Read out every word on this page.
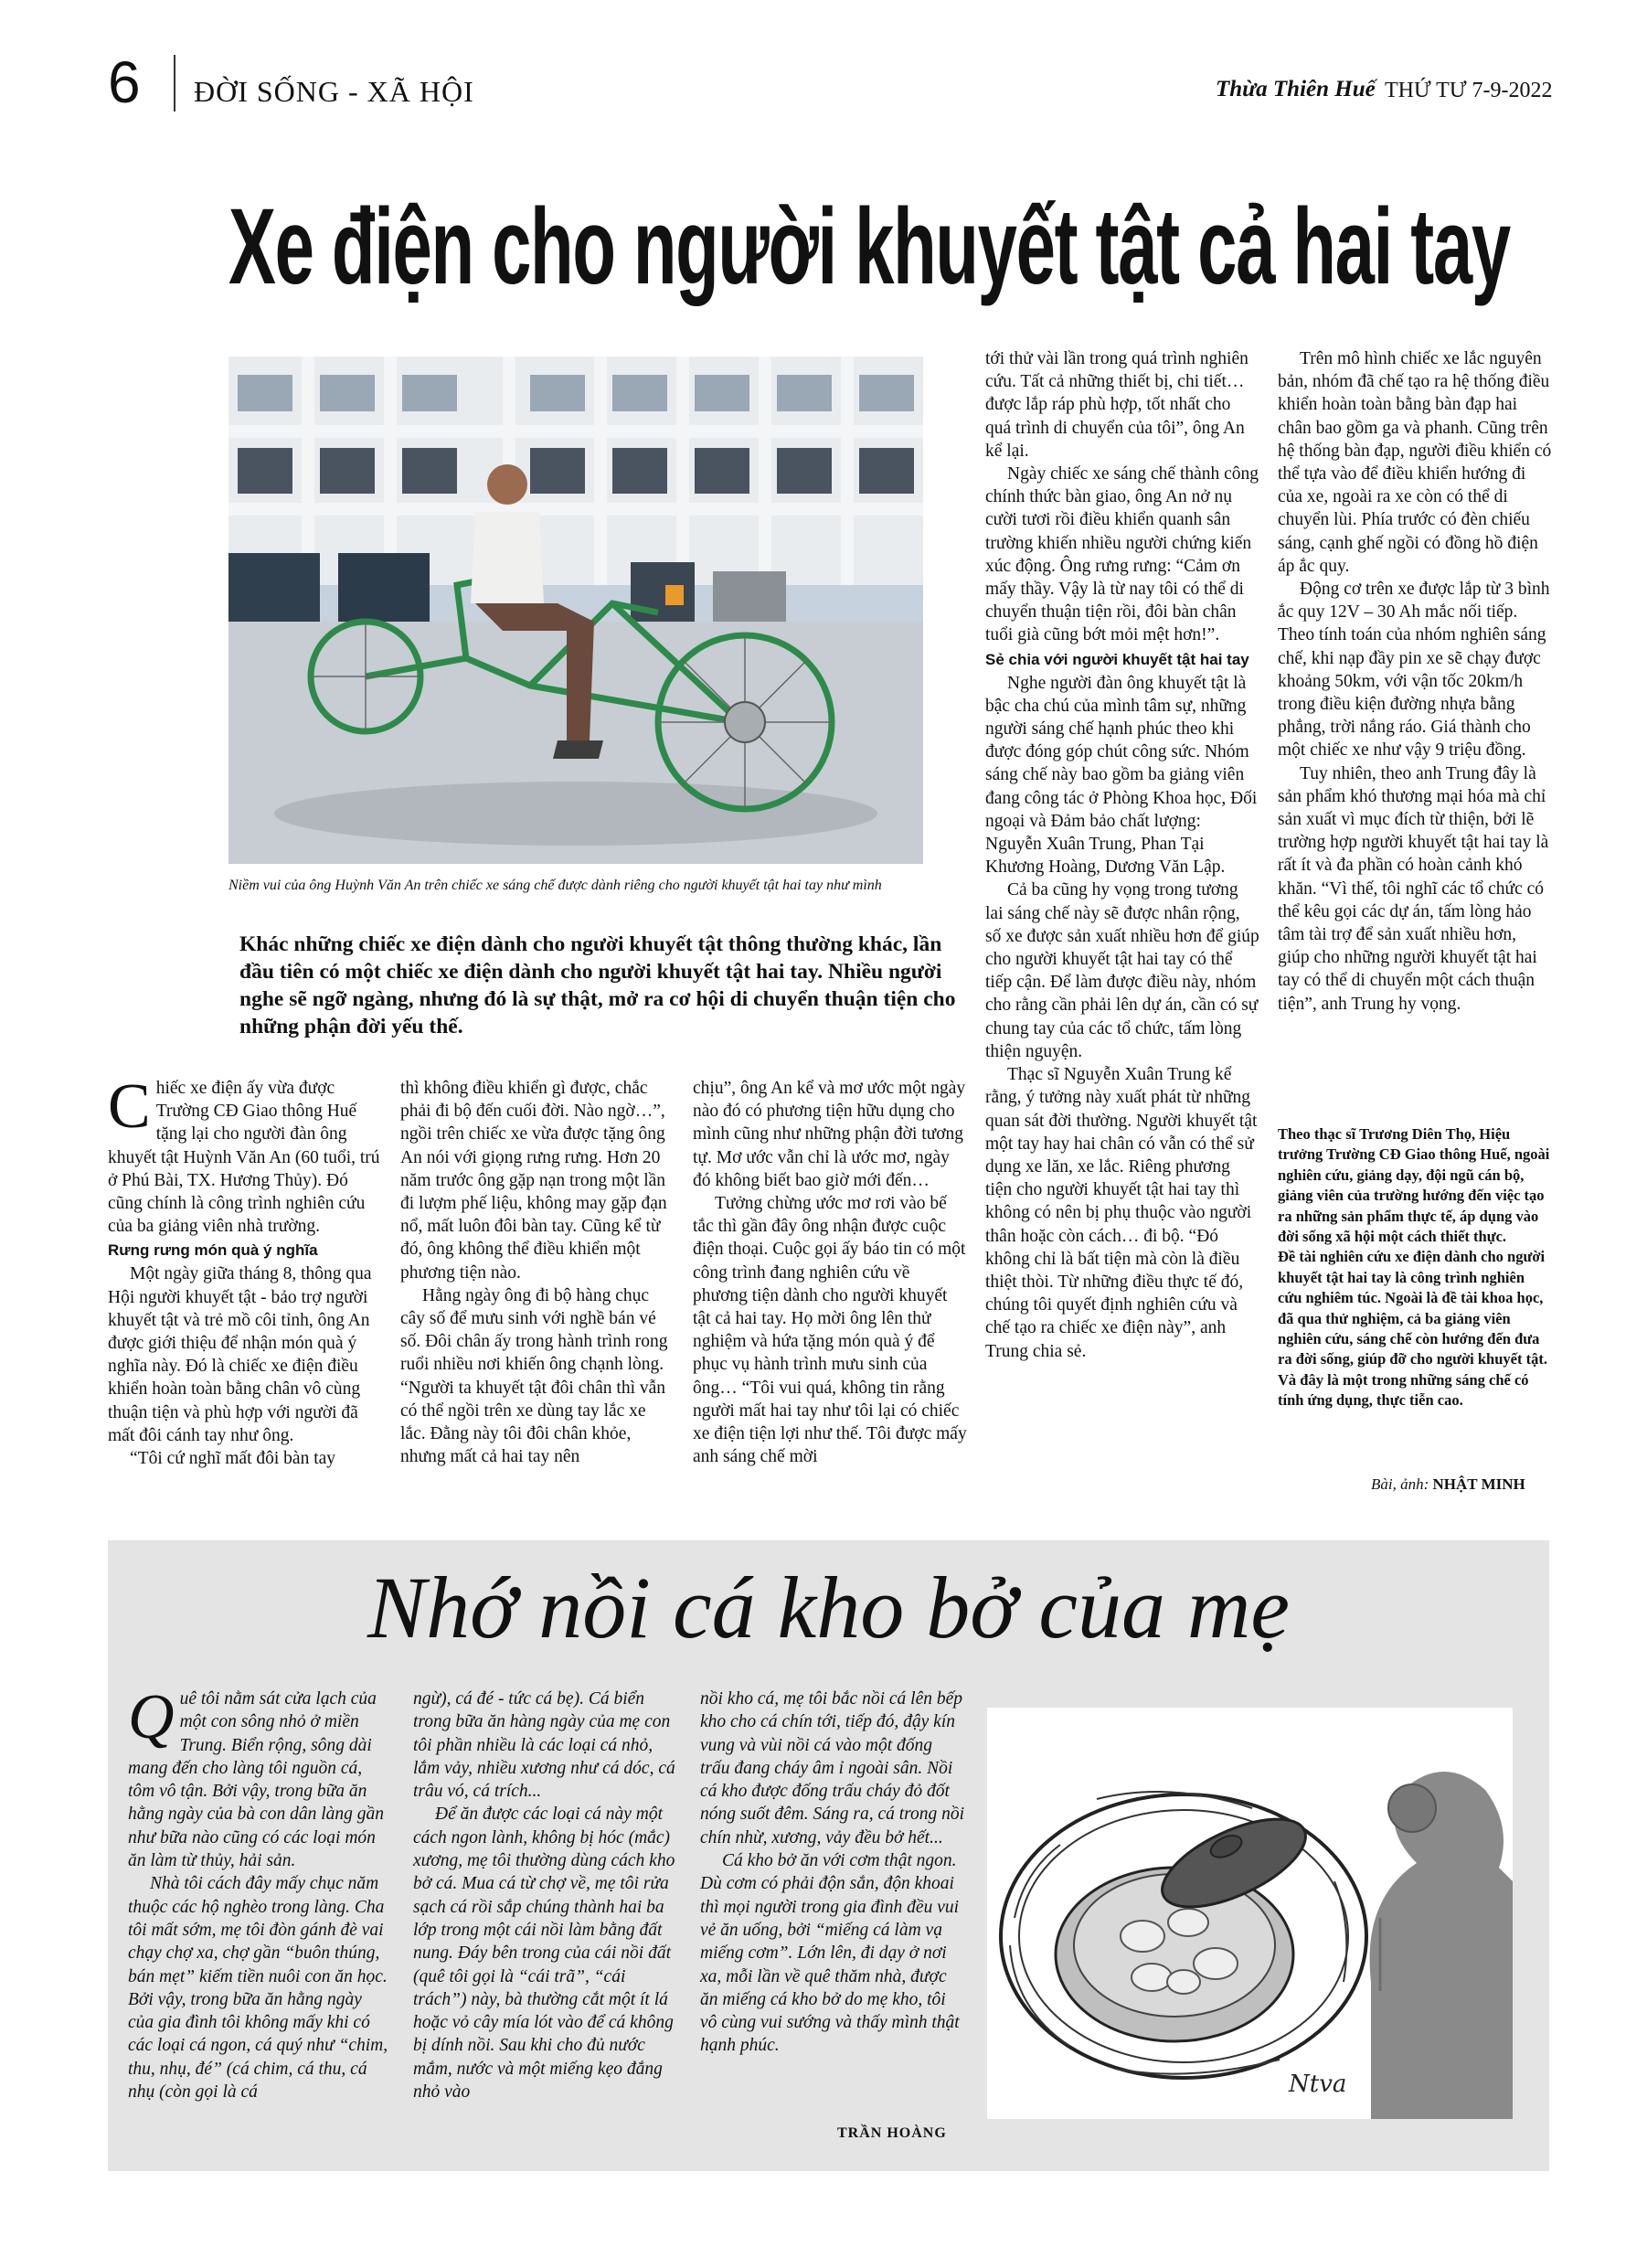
6 ĐỜI SỐNG - XÃ HỘI	Thừa Thiên Huế THỨ TƯ 7-9-2022
Xe điện cho người khuyết tật cả hai tay
Niềm vui của ông Huỳnh Văn An trên chiếc xe sáng chế được dành riêng cho người khuyết tật hai tay như mình
Khác những chiếc xe điện dành cho người khuyết tật thông thường khác, lần đầu tiên có một chiếc xe điện dành cho người khuyết tật hai tay. Nhiều người nghe sẽ ngỡ ngàng, nhưng đó là sự thật, mở ra cơ hội di chuyển thuận tiện cho những phận đời yếu thế.

Chiếc xe điện ấy vừa được Trường CĐ Giao thông Huế tặng lại cho người đàn ông khuyết tật Huỳnh Văn An (60 tuổi, trú ở Phú Bài, TX. Hương Thủy). Đó cũng chính là công trình nghiên cứu của ba giảng viên nhà trường.

Rưng rưng món quà ý nghĩa

Một ngày giữa tháng 8, thông qua Hội người khuyết tật - bảo trợ người khuyết tật và trẻ mồ côi tỉnh, ông An được giới thiệu để nhận món quà ý nghĩa này. Đó là chiếc xe điện điều khiển hoàn toàn bằng chân vô cùng thuận tiện và phù hợp với người đã mất đôi cánh tay như ông.

“Tôi cứ nghĩ mất đôi bàn tay

thì không điều khiển gì được, chắc phải đi bộ đến cuối đời. Nào ngờ…”, ngồi trên chiếc xe vừa được tặng ông An nói với giọng rưng rưng. Hơn 20 năm trước ông gặp nạn trong một lần đi lượm phế liệu, không may gặp đạn nổ, mất luôn đôi bàn tay. Cũng kể từ đó, ông không thể điều khiển một phương tiện nào.

Hằng ngày ông đi bộ hàng chục cây số để mưu sinh với nghề bán vé số. Đôi chân ấy trong hành trình rong ruổi nhiều nơi khiến ông chạnh lòng. “Người ta khuyết tật đôi chân thì vẫn có thể ngồi trên xe dùng tay lắc xe lắc. Đằng này tôi đôi chân khỏe, nhưng mất cả hai tay nên

chịu”, ông An kể và mơ ước một ngày nào đó có phương tiện hữu dụng cho mình cũng như những phận đời tương tự. Mơ ước vẫn chỉ là ước mơ, ngày đó không biết bao giờ mới đến…

Tưởng chừng ước mơ rơi vào bế tắc thì gần đây ông nhận được cuộc điện thoại. Cuộc gọi ấy báo tin có một công trình đang nghiên cứu về phương tiện dành cho người khuyết tật cả hai tay. Họ mời ông lên thử nghiệm và hứa tặng món quà ý để phục vụ hành trình mưu sinh của ông… “Tôi vui quá, không tin rằng người mất hai tay như tôi lại có chiếc xe điện tiện lợi như thế. Tôi được mấy anh sáng chế mời

tới thử vài lần trong quá trình nghiên cứu. Tất cả những thiết bị, chi tiết… được lắp ráp phù hợp, tốt nhất cho quá trình di chuyển của tôi”, ông An kể lại.

Ngày chiếc xe sáng chế thành công chính thức bàn giao, ông An nở nụ cười tươi rồi điều khiển quanh sân trường khiến nhiều người chứng kiến xúc động. Ông rưng rưng: “Cảm ơn mấy thầy. Vậy là từ nay tôi có thể di chuyển thuận tiện rồi, đôi bàn chân tuổi già cũng bớt mỏi mệt hơn!”.

Sẻ chia với người khuyết tật hai tay

Nghe người đàn ông khuyết tật là bậc cha chú của mình tâm sự, những người sáng chế hạnh phúc theo khi được đóng góp chút công sức. Nhóm sáng chế này bao gồm ba giảng viên đang công tác ở Phòng Khoa học, Đối ngoại và Đảm bảo chất lượng: Nguyễn Xuân Trung, Phan Tại Khương Hoàng, Dương Văn Lập.

Cả ba cũng hy vọng trong tương lai sáng chế này sẽ được nhân rộng, số xe được sản xuất nhiều hơn để giúp cho người khuyết tật hai tay có thể tiếp cận. Để làm được điều này, nhóm cho rằng cần phải lên dự án, cần có sự chung tay của các tổ chức, tấm lòng thiện nguyện.

Thạc sĩ Nguyễn Xuân Trung kể rằng, ý tưởng này xuất phát từ những quan sát đời thường. Người khuyết tật một tay hay hai chân có vẫn có thể sử dụng xe lăn, xe lắc. Riêng phương tiện cho người khuyết tật hai tay thì không có nên bị phụ thuộc vào người thân hoặc còn cách… đi bộ. “Đó không chỉ là bất tiện mà còn là điều thiệt thòi. Từ những điều thực tế đó, chúng tôi quyết định nghiên cứu và chế tạo ra chiếc xe điện này”, anh Trung chia sẻ.

Trên mô hình chiếc xe lắc nguyên bản, nhóm đã chế tạo ra hệ thống điều khiển hoàn toàn bằng bàn đạp hai chân bao gồm ga và phanh. Cũng trên hệ thống bàn đạp, người điều khiển có thể tựa vào để điều khiển hướng đi của xe, ngoài ra xe còn có thể di chuyển lùi. Phía trước có đèn chiếu sáng, cạnh ghế ngồi có đồng hồ điện áp ắc quy.

Động cơ trên xe được lắp từ 3 bình ắc quy 12V – 30 Ah mắc nối tiếp. Theo tính toán của nhóm nghiên sáng chế, khi nạp đầy pin xe sẽ chạy được khoảng 50km, với vận tốc 20km/h trong điều kiện đường nhựa bằng phẳng, trời nắng ráo. Giá thành cho một chiếc xe như vậy 9 triệu đồng.

Tuy nhiên, theo anh Trung đây là sản phẩm khó thương mại hóa mà chỉ sản xuất vì mục đích từ thiện, bởi lẽ trường hợp người khuyết tật hai tay là rất ít và đa phần có hoàn cảnh khó khăn. “Vì thế, tôi nghĩ các tổ chức có thể kêu gọi các dự án, tấm lòng hảo tâm tài trợ để sản xuất nhiều hơn, giúp cho những người khuyết tật hai tay có thể di chuyển một cách thuận tiện”, anh Trung hy vọng.

Theo thạc sĩ Trương Diên Thọ, Hiệu trưởng Trường CĐ Giao thông Huế, ngoài nghiên cứu, giảng dạy, đội ngũ cán bộ, giảng viên của trường hướng đến việc tạo ra những sản phẩm thực tế, áp dụng vào đời sống xã hội một cách thiết thực.

Đề tài nghiên cứu xe điện dành cho người khuyết tật hai tay là công trình nghiên cứu nghiêm túc. Ngoài là đề tài khoa học, đã qua thử nghiệm, cả ba giảng viên nghiên cứu, sáng chế còn hướng đến đưa ra đời sống, giúp đỡ cho người khuyết tật. Và đây là một trong những sáng chế có tính ứng dụng, thực tiễn cao.

Bài, ảnh: NHẬT MINH
Nhớ nồi cá kho bở của mẹ

Quê tôi nằm sát cửa lạch của một con sông nhỏ ở miền Trung. Biển rộng, sông dài mang đến cho làng tôi nguồn cá, tôm vô tận. Bởi vậy, trong bữa ăn hằng ngày của bà con dân làng gần như bữa nào cũng có các loại món ăn làm từ thủy, hải sản.

Nhà tôi cách đây mấy chục năm thuộc các hộ nghèo trong làng. Cha tôi mất sớm, mẹ tôi đòn gánh đè vai chạy chợ xa, chợ gần “buôn thúng, bán mẹt” kiếm tiền nuôi con ăn học. Bởi vậy, trong bữa ăn hằng ngày của gia đình tôi không mấy khi có các loại cá ngon, cá quý như “chim, thu, nhụ, đé” (cá chim, cá thu, cá nhụ (còn gọi là cá

ngừ), cá đé - tức cá bẹ). Cá biển trong bữa ăn hàng ngày của mẹ con tôi phần nhiều là các loại cá nhỏ, lắm vảy, nhiều xương như cá dóc, cá trâu vó, cá trích...

Để ăn được các loại cá này một cách ngon lành, không bị hóc (mắc) xương, mẹ tôi thường dùng cách kho bở cá. Mua cá từ chợ về, mẹ tôi rửa sạch cá rồi sắp chúng thành hai ba lớp trong một cái nồi làm bằng đất nung. Đáy bên trong của cái nồi đất (quê tôi gọi là “cái trã”, “cái trách”) này, bà thường cắt một ít lá hoặc vỏ cây mía lót vào để cá không bị dính nồi. Sau khi cho đủ nước mắm, nước và một miếng kẹo đắng nhỏ vào

nồi kho cá, mẹ tôi bắc nồi cá lên bếp kho cho cá chín tới, tiếp đó, đậy kín vung và vùi nồi cá vào một đống trấu đang cháy âm ỉ ngoài sân. Nồi cá kho được đống trấu cháy đỏ đốt nóng suốt đêm. Sáng ra, cá trong nồi chín nhừ, xương, vảy đều bở hết...

Cá kho bở ăn với cơm thật ngon. Dù cơm có phải độn sắn, độn khoai thì mọi người trong gia đình đều vui vẻ ăn uống, bởi “miếng cá làm vạ miếng cơm”. Lớn lên, đi dạy ở nơi xa, mỗi lần về quê thăm nhà, được ăn miếng cá kho bở do mẹ kho, tôi vô cùng vui sướng và thấy mình thật hạnh phúc.

TRẦN HOÀNG
Ntva
